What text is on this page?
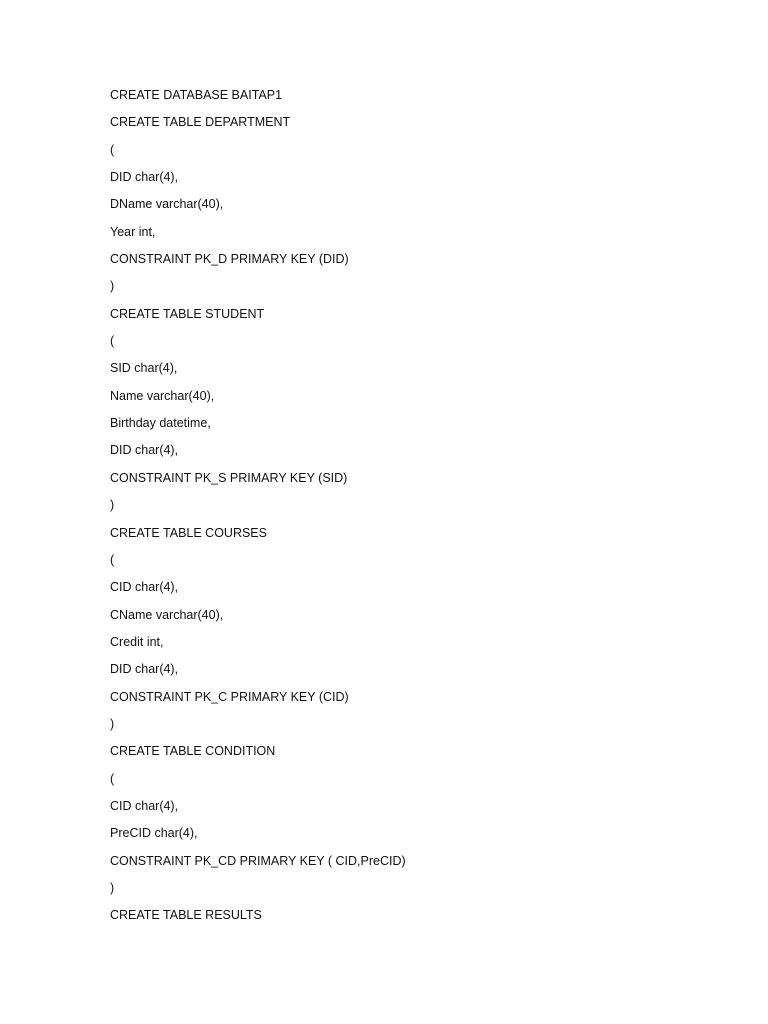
CREATE DATABASE BAITAP1
CREATE TABLE DEPARTMENT
(
DID char(4),
DName varchar(40),
Year int,
CONSTRAINT PK_D PRIMARY KEY (DID)
)
CREATE TABLE STUDENT
(
SID char(4),
Name varchar(40),
Birthday datetime,
DID char(4),
CONSTRAINT PK_S PRIMARY KEY (SID)
)
CREATE TABLE COURSES
(
CID char(4),
CName varchar(40),
Credit int,
DID char(4),
CONSTRAINT PK_C PRIMARY KEY (CID)
)
CREATE TABLE CONDITION
(
CID char(4),
PreCID char(4),
CONSTRAINT PK_CD PRIMARY KEY ( CID,PreCID)
)
CREATE TABLE RESULTS
